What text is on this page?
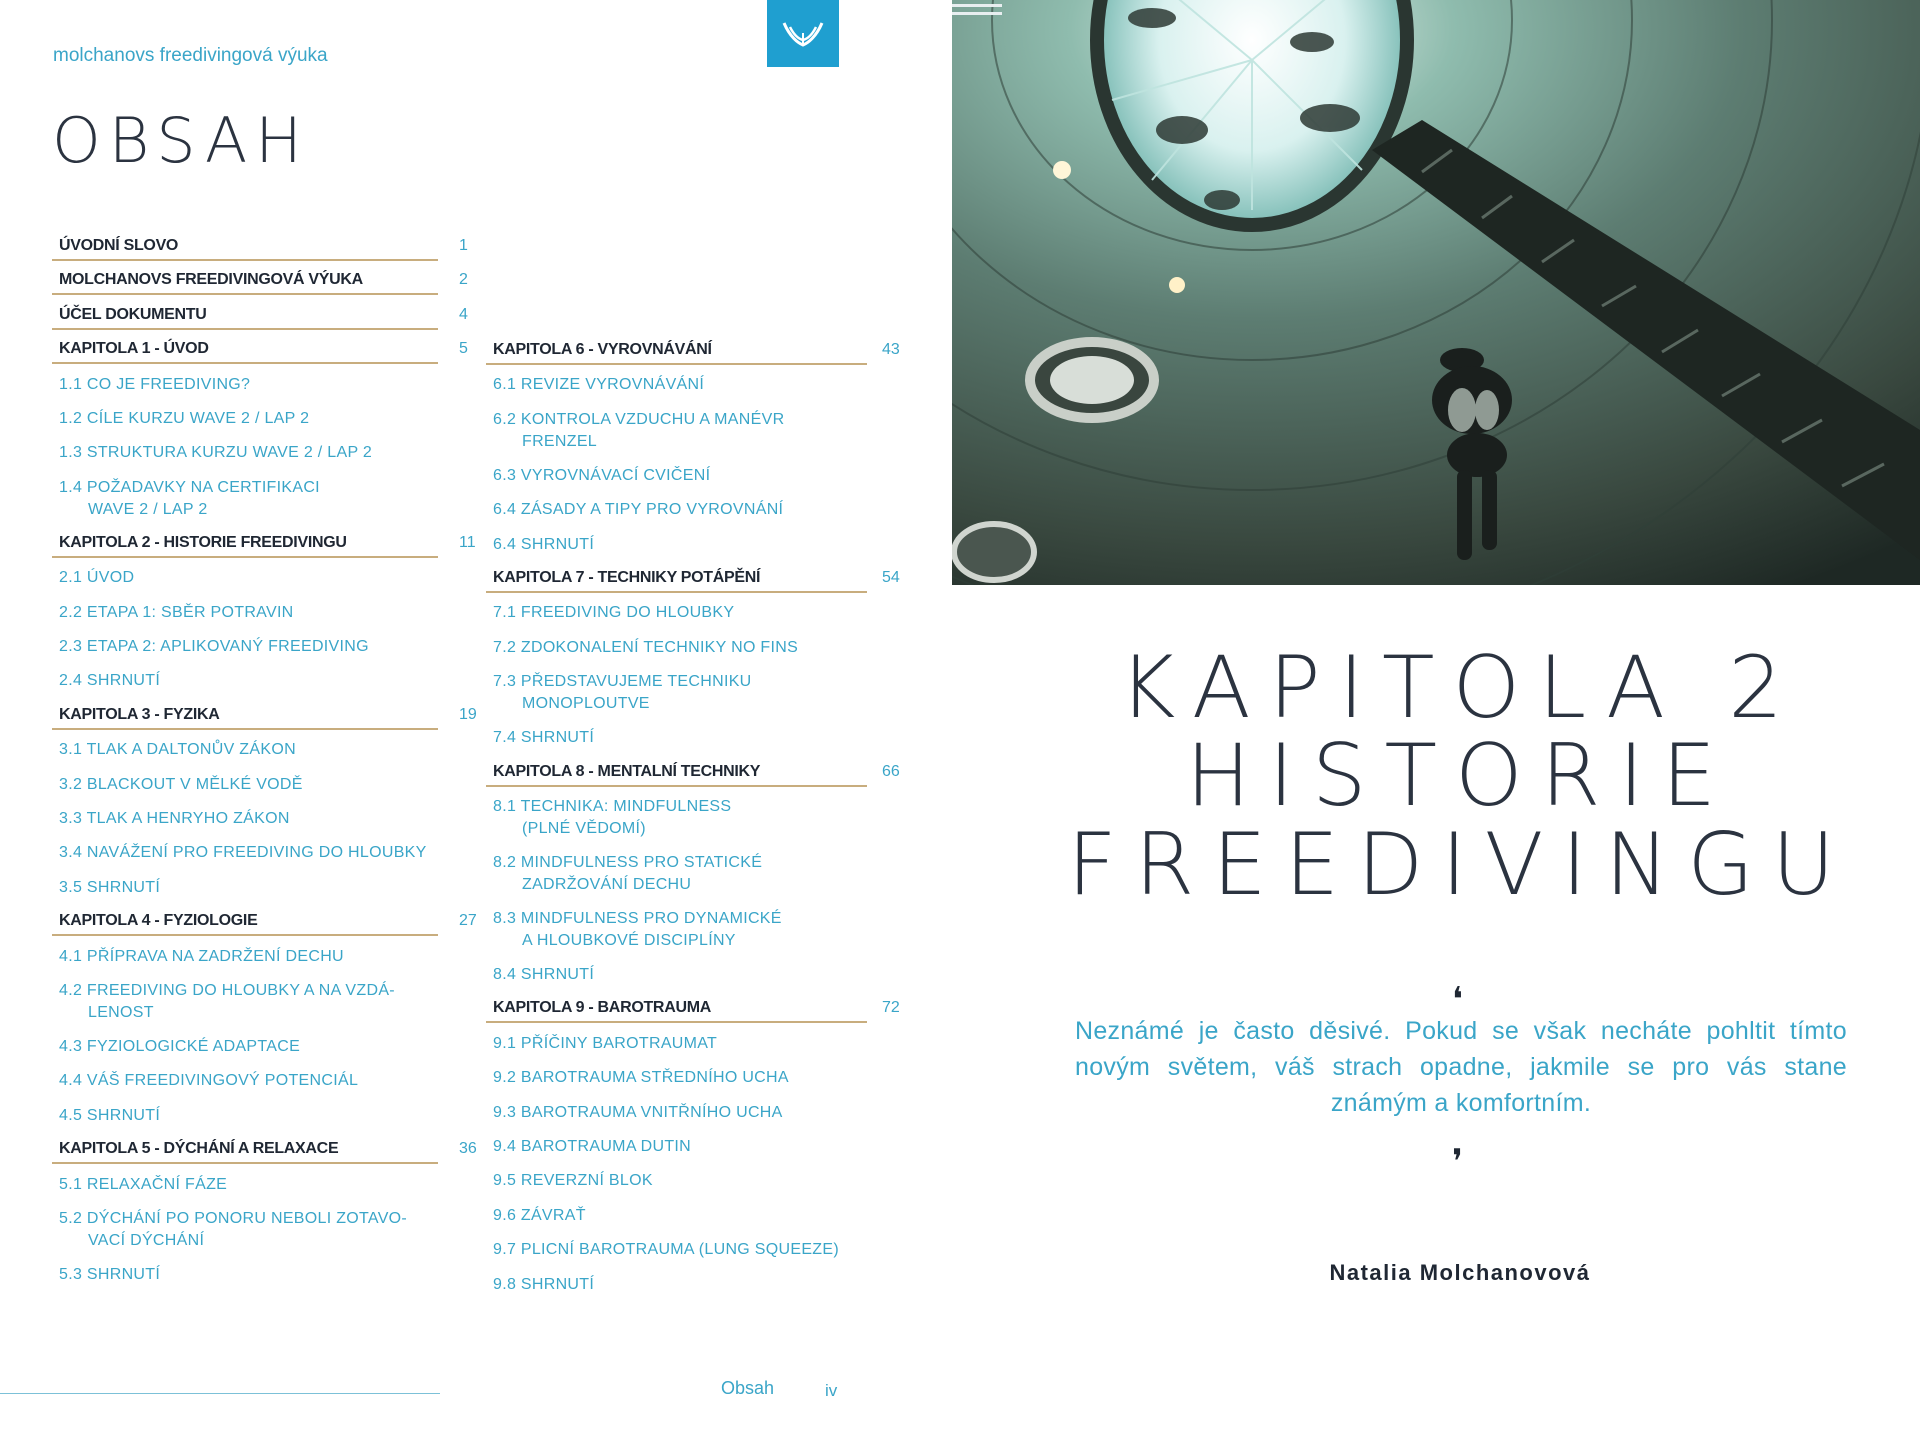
molchanovs freedivingová výuka
OBSAH
ÚVODNÍ SLOVO	1
MOLCHANOVS FREEDIVINGOVÁ VÝUKA	2
ÚČEL DOKUMENTU	4
KAPITOLA 1 - ÚVOD	5
1.1 CO JE FREEDIVING?
1.2 CÍLE KURZU WAVE 2 / LAP 2
1.3 STRUKTURA KURZU WAVE 2 / LAP 2
1.4 POŽADAVKY NA CERTIFIKACI
WAVE 2 / LAP 2
KAPITOLA 2 - HISTORIE FREEDIVINGU	11
2.1 ÚVOD
2.2 ETAPA 1: SBĚR POTRAVIN
2.3 ETAPA 2: APLIKOVANÝ FREEDIVING
2.4 SHRNUTÍ
KAPITOLA 3 - FYZIKA	19
3.1 TLAK A DALTONŮV ZÁKON
3.2 BLACKOUT V MĚLKÉ VODĚ
3.3 TLAK A HENRYHO ZÁKON
3.4 NAVÁŽENÍ PRO FREEDIVING DO HLOUBKY
3.5 SHRNUTÍ
KAPITOLA 4 - FYZIOLOGIE	27
4.1 PŘÍPRAVA NA ZADRŽENÍ DECHU
4.2 FREEDIVING DO HLOUBKY A NA VZDÁ-
LENOST
4.3 FYZIOLOGICKÉ ADAPTACE
4.4 VÁŠ FREEDIVINGOVÝ POTENCIÁL
4.5 SHRNUTÍ
KAPITOLA 5 - DÝCHÁNÍ A RELAXACE	36
5.1 RELAXAČNÍ FÁZE
5.2 DÝCHÁNÍ PO PONORU NEBOLI ZOTAVO-
VACÍ DÝCHÁNÍ
5.3 SHRNUTÍ
KAPITOLA 6 - VYROVNÁVÁNÍ	43
6.1 REVIZE VYROVNÁVÁNÍ
6.2 KONTROLA VZDUCHU A MANÉVR
FRENZEL
6.3 VYROVNÁVACÍ CVIČENÍ
6.4 ZÁSADY A TIPY PRO VYROVNÁNÍ
6.4 SHRNUTÍ
KAPITOLA 7 - TECHNIKY POTÁPĚNÍ	54
7.1 FREEDIVING DO HLOUBKY
7.2 ZDOKONALENÍ TECHNIKY NO FINS
7.3 PŘEDSTAVUJEME TECHNIKU
MONOPLOUTVE
7.4 SHRNUTÍ
KAPITOLA 8 - MENTALNÍ TECHNIKY	66
8.1 TECHNIKA: MINDFULNESS
(PLNÉ VĚDOMÍ)
8.2 MINDFULNESS PRO STATICKÉ
ZADRŽOVÁNÍ DECHU
8.3 MINDFULNESS PRO DYNAMICKÉ
A HLOUBKOVÉ DISCIPLÍNY
8.4 SHRNUTÍ
KAPITOLA 9 - BAROTRAUMA	72
9.1 PŘÍČINY BAROTRAUMAT
9.2 BAROTRAUMA STŘEDNÍHO UCHA
9.3 BAROTRAUMA VNITŘNÍHO UCHA
9.4 BAROTRAUMA DUTIN
9.5 REVERZNÍ BLOK
9.6 ZÁVRAŤ
9.7 PLICNÍ BAROTRAUMA (LUNG SQUEEZE)
9.8 SHRNUTÍ
Obsah	iv
KAPITOLA 2
HISTORIE
FREEDIVINGU
❛
Neznámé je často děsivé. Pokud se však necháte pohltit tímto novým světem, váš strach opadne, jakmile se pro vás stane známým a komfortním.
❜
Natalia Molchanovová
